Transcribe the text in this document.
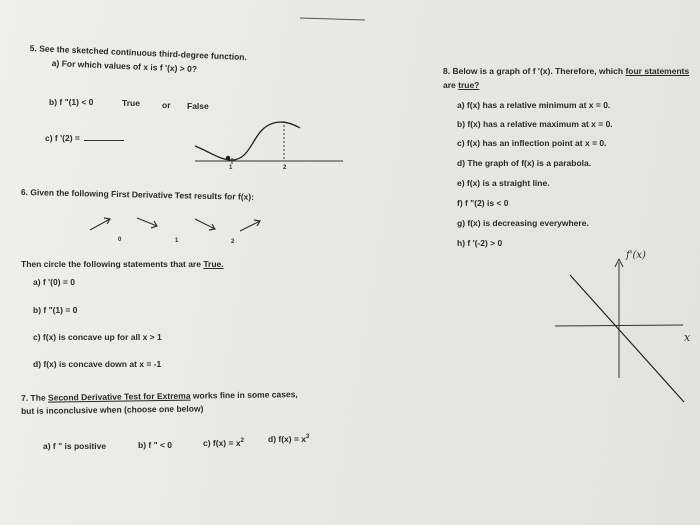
5. See the sketched continuous third-degree function.
a) For which values of x is f '(x) > 0?
b) f "(1) < 0	True	or False
c) f '(2) =
1	2
6. Given the following First Derivative Test results for f(x):
0	1	2
Then circle the following statements that are True.
a) f '(0) = 0
b) f "(1) = 0
c) f(x) is concave up for all x > 1
d) f(x) is concave down at x = -1
7. The Second Derivative Test for Extrema works fine in some cases,
but is inconclusive when (choose one below)
a) f " is positive	b) f " < 0	c) $f(x) = x^2$	d) $f(x) = x^3$
8. Below is a graph of f '(x). Therefore, which four statements
are true?
a) f(x) has a relative minimum at x = 0.
b) f(x) has a relative maximum at x = 0.
c) f(x) has an inflection point at x = 0.
d) The graph of f(x) is a parabola.
e) f(x) is a straight line.
f) f "(2) is < 0
g) f(x) is decreasing everywhere.
h) f '(-2) > 0
f'(x)
x
